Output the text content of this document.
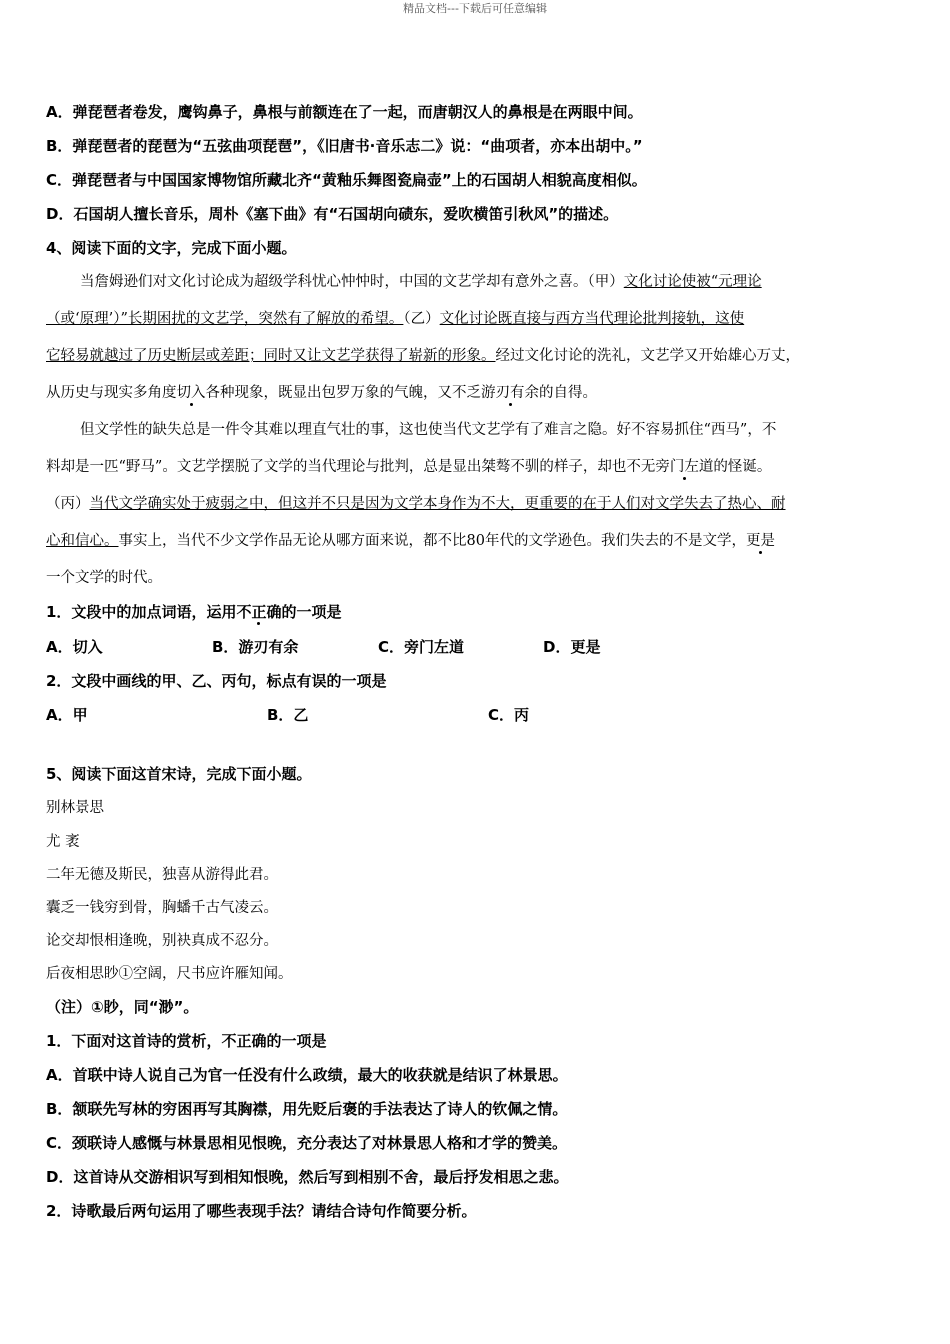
精品文档---下载后可任意编辑
A．弹琵琶者卷发，鹰钩鼻子，鼻根与前额连在了一起，而唐朝汉人的鼻根是在两眼中间。
B．弹琵琶者的琵琶为“五弦曲项琵琶”，《旧唐书·音乐志二》说：“曲项者，亦本出胡中。”
C．弹琵琶者与中国国家博物馆所藏北齐“黄釉乐舞图瓷扁壶”上的石国胡人相貌高度相似。
D．石国胡人擅长音乐，周朴《塞下曲》有“石国胡向碛东，爱吹横笛引秋风”的描述。
4、阅读下面的文字，完成下面小题。
当詹姆逊们对文化讨论成为超级学科忧心忡忡时，中国的文艺学却有意外之喜。（甲）文化讨论使被“元理论
（或‘原理’）”长期困扰的文艺学，突然有了解放的希望。（乙）文化讨论既直接与西方当代理论批判接轨，这使
它轻易就越过了历史断层或差距；同时又让文艺学获得了崭新的形象。经过文化讨论的洗礼，文艺学又开始雄心万丈，
从历史与现实多角度切入各种现象，既显出包罗万象的气魄，又不乏游刃有余的自得。
但文学性的缺失总是一件令其难以理直气壮的事，这也使当代文艺学有了难言之隐。好不容易抓住“西马”，不
料却是一匹“野马”。文艺学摆脱了文学的当代理论与批判，总是显出桀骜不驯的样子，却也不无旁门左道的怪诞。
（丙）当代文学确实处于疲弱之中，但这并不只是因为文学本身作为不大，更重要的在于人们对文学失去了热心、耐
心和信心。事实上，当代不少文学作品无论从哪方面来说，都不比80年代的文学逊色。我们失去的不是文学，更是
一个文学的时代。
1．文段中的加点词语，运用不正确的一项是
A．切入	B．游刃有余	C．旁门左道	D．更是
2．文段中画线的甲、乙、丙句，标点有误的一项是
A．甲	B．乙	C．丙
5、阅读下面这首宋诗，完成下面小题。
别林景思
尤 袤
二年无德及斯民，独喜从游得此君。
囊乏一钱穷到骨，胸蟠千古气凌云。
论交却恨相逢晚，别袂真成不忍分。
后夜相思眇①空阔，尺书应许雁知闻。
（注）①眇，同“渺”。
1．下面对这首诗的赏析，不正确的一项是
A．首联中诗人说自己为官一任没有什么政绩，最大的收获就是结识了林景思。
B．颔联先写林的穷困再写其胸襟，用先贬后褒的手法表达了诗人的钦佩之情。
C．颈联诗人感慨与林景思相见恨晚，充分表达了对林景思人格和才学的赞美。
D．这首诗从交游相识写到相知恨晚，然后写到相别不舍，最后抒发相思之悲。
2．诗歌最后两句运用了哪些表现手法？请结合诗句作简要分析。
